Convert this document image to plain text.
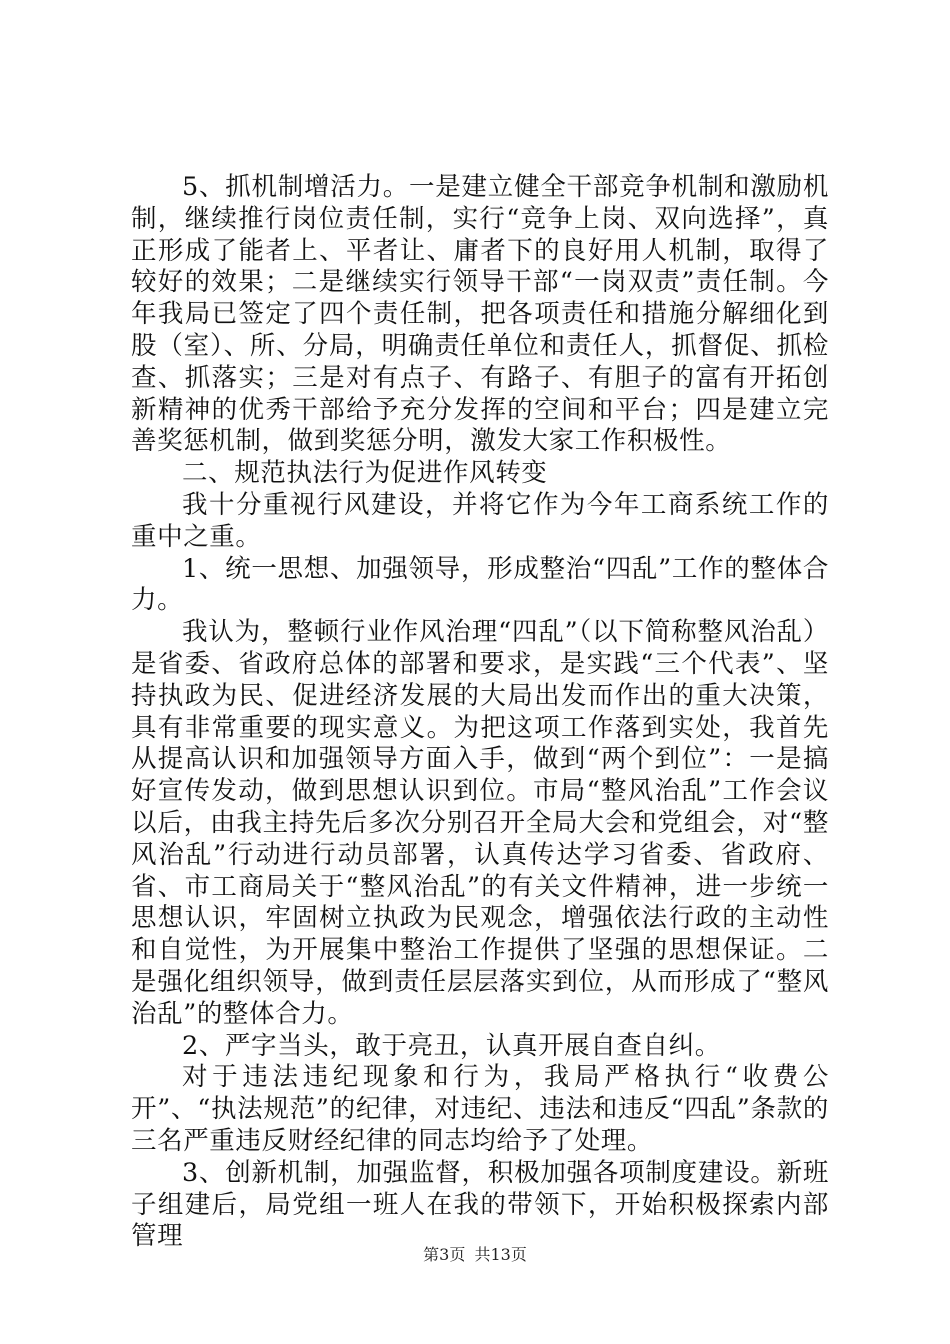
5、抓机制增活力。一是建立健全干部竞争机制和激励机制，继续推行岗位责任制，实行“竞争上岗、双向选择”，真正形成了能者上、平者让、庸者下的良好用人机制，取得了较好的效果；二是继续实行领导干部“一岗双责”责任制。今年我局已签定了四个责任制，把各项责任和措施分解细化到股（室）、所、分局，明确责任单位和责任人，抓督促、抓检查、抓落实；三是对有点子、有路子、有胆子的富有开拓创新精神的优秀干部给予充分发挥的空间和平台；四是建立完善奖惩机制，做到奖惩分明，激发大家工作积极性。

二、规范执法行为促进作风转变

我十分重视行风建设，并将它作为今年工商系统工作的重中之重。

1、统一思想、加强领导，形成整治“四乱”工作的整体合力。

我认为，整顿行业作风治理“四乱”（以下简称整风治乱）是省委、省政府总体的部署和要求，是实践“三个代表”、坚持执政为民、促进经济发展的大局出发而作出的重大决策，具有非常重要的现实意义。为把这项工作落到实处，我首先从提高认识和加强领导方面入手，做到“两个到位”：一是搞好宣传发动，做到思想认识到位。市局“整风治乱”工作会议以后，由我主持先后多次分别召开全局大会和党组会，对“整风治乱”行动进行动员部署，认真传达学习省委、省政府、省、市工商局关于“整风治乱”的有关文件精神，进一步统一思想认识，牢固树立执政为民观念，增强依法行政的主动性和自觉性，为开展集中整治工作提供了坚强的思想保证。二是强化组织领导，做到责任层层落实到位，从而形成了“整风治乱”的整体合力。

2、严字当头，敢于亮丑，认真开展自查自纠。

对于违法违纪现象和行为，我局严格执行“收费公开”、“执法规范”的纪律，对违纪、违法和违反“四乱”条款的三名严重违反财经纪律的同志均给予了处理。

3、创新机制，加强监督，积极加强各项制度建设。新班子组建后，局党组一班人在我的带领下，开始积极探索内部管理

第3页 共13页
